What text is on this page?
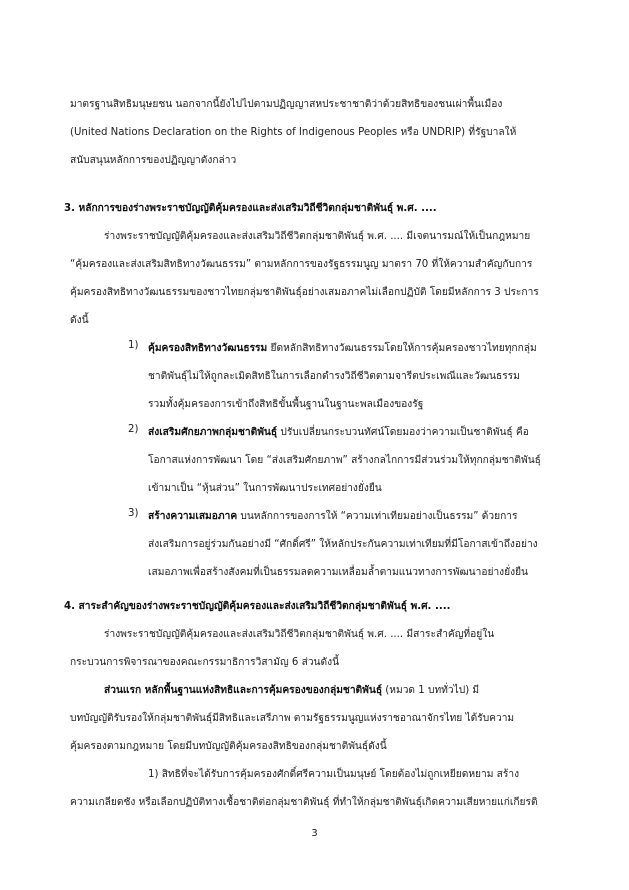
มาตรฐานสิทธิมนุษยชน นอกจากนี้ยังไปไปตามปฏิญญาสหประชาชาติว่าด้วยสิทธิของชนเผ่าพื้นเมือง
(United Nations Declaration on the Rights of Indigenous Peoples หรือ UNDRIP) ที่รัฐบาลให้
สนับสนุนหลักการของปฏิญญาดังกล่าว
3. หลักการของร่างพระราชบัญญัติคุ้มครองและส่งเสริมวิถีชีวิตกลุ่มชาติพันธุ์ พ.ศ. ....
ร่างพระราชบัญญัติคุ้มครองและส่งเสริมวิถีชีวิตกลุ่มชาติพันธุ์ พ.ศ. .... มีเจตนารมณ์ให้เป็นกฎหมาย
“คุ้มครองและส่งเสริมสิทธิทางวัฒนธรรม” ตามหลักการของรัฐธรรมนูญ มาตรา 70 ที่ให้ความสำคัญกับการ
คุ้มครองสิทธิทางวัฒนธรรมของชาวไทยกลุ่มชาติพันธุ์อย่างเสมอภาคไม่เลือกปฏิบัติ โดยมีหลักการ 3 ประการ
ดังนี้
1) คุ้มครองสิทธิทางวัฒนธรรม ยึดหลักสิทธิทางวัฒนธรรมโดยให้การคุ้มครองชาวไทยทุกกลุ่ม
ชาติพันธุ์ไม่ให้ถูกละเมิดสิทธิในการเลือกดำรงวิถีชีวิตตามจารีตประเพณีและวัฒนธรรม
รวมทั้งคุ้มครองการเข้าถึงสิทธิขั้นพื้นฐานในฐานะพลเมืองของรัฐ
2) ส่งเสริมศักยภาพกลุ่มชาติพันธุ์ ปรับเปลี่ยนกระบวนทัศน์โดยมองว่าความเป็นชาติพันธุ์ คือ
โอกาสแห่งการพัฒนา โดย “ส่งเสริมศักยภาพ” สร้างกลไกการมีส่วนร่วมให้ทุกกลุ่มชาติพันธุ์
เข้ามาเป็น “หุ้นส่วน” ในการพัฒนาประเทศอย่างยั่งยืน
3) สร้างความเสมอภาค บนหลักการของการให้ “ความเท่าเทียมอย่างเป็นธรรม” ด้วยการ
ส่งเสริมการอยู่ร่วมกันอย่างมี “ศักดิ์ศรี” ให้หลักประกันความเท่าเทียมที่มีโอกาสเข้าถึงอย่าง
เสมอภาพเพื่อสร้างสังคมที่เป็นธรรมลดความเหลื่อมล้ำตามแนวทางการพัฒนาอย่างยั่งยืน
4. สาระสำคัญของร่างพระราชบัญญัติคุ้มครองและส่งเสริมวิถีชีวิตกลุ่มชาติพันธุ์ พ.ศ. ....
ร่างพระราชบัญญัติคุ้มครองและส่งเสริมวิถีชีวิตกลุ่มชาติพันธุ์ พ.ศ. .... มีสาระสำคัญที่อยู่ใน
กระบวนการพิจารณาของคณะกรรมาธิการวิสามัญ 6 ส่วนดังนี้
ส่วนแรก หลักพื้นฐานแห่งสิทธิและการคุ้มครองของกลุ่มชาติพันธุ์ (หมวด 1 บททั่วไป) มี
บทบัญญัติรับรองให้กลุ่มชาติพันธุ์มีสิทธิและเสรีภาพ ตามรัฐธรรมนูญแห่งราชอาณาจักรไทย ได้รับความ
คุ้มครองตามกฎหมาย โดยมีบทบัญญัติคุ้มครองสิทธิของกลุ่มชาติพันธุ์ดังนี้
1) สิทธิที่จะได้รับการคุ้มครองศักดิ์ศรีความเป็นมนุษย์ โดยต้องไม่ถูกเหยียดหยาม สร้าง
ความเกลียดชัง หรือเลือกปฏิบัติทางเชื้อชาติต่อกลุ่มชาติพันธุ์ ที่ทำให้กลุ่มชาติพันธุ์เกิดความเสียหายแก่เกียรติ
3
